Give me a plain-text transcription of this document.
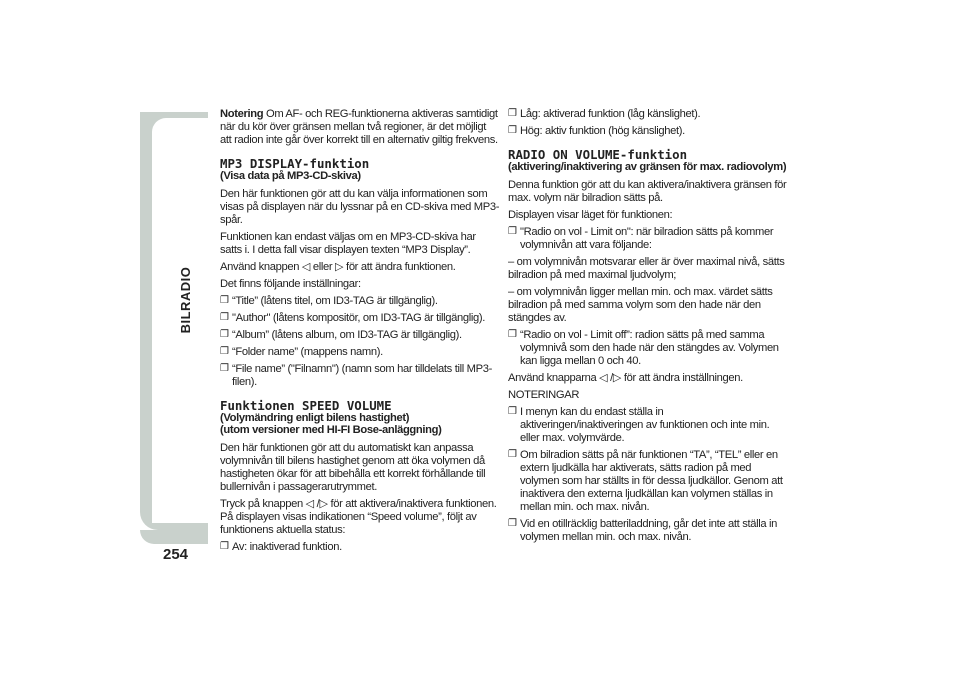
BILRADIO
254

Notering Om AF- och REG-funktionerna aktiveras samtidigt när du kör över gränsen mellan två regioner, är det möjligt att radion inte går över korrekt till en alternativ giltig frekvens.

MP3 DISPLAY-funktion
(Visa data på MP3-CD-skiva)

Den här funktionen gör att du kan välja informationen som visas på displayen när du lyssnar på en CD-skiva med MP3-spår.

Funktionen kan endast väljas om en MP3-CD-skiva har satts i. I detta fall visar displayen texten “MP3 Display”.

Använd knappen ◁ eller ▷ för att ändra funktionen.

Det finns följande inställningar:

❐ “Title” (låtens titel, om ID3-TAG är tillgänglig).
❐ "Author" (låtens kompositör, om ID3-TAG är tillgänglig).
❐ “Album” (låtens album, om ID3-TAG är tillgänglig).
❐ “Folder name” (mappens namn).
❐ “File name” ("Filnamn") (namn som har tilldelats till MP3-filen).
Funktionen SPEED VOLUME
(Volymändring enligt bilens hastighet)
(utom versioner med HI-FI Bose-anläggning)

Den här funktionen gör att du automatiskt kan anpassa volymnivån till bilens hastighet genom att öka volymen då hastigheten ökar för att bibehålla ett korrekt förhållande till bullernivån i passagerarutrymmet.

Tryck på knappen ◁ /▷ för att aktivera/inaktivera funktionen. På displayen visas indikationen “Speed volume”, följt av funktionens aktuella status:

❐ Av: inaktiverad funktion.
❐ Låg: aktiverad funktion (låg känslighet).
❐ Hög: aktiv funktion (hög känslighet).
RADIO ON VOLUME-funktion
(aktivering/inaktivering av gränsen för max. radiovolym)

Denna funktion gör att du kan aktivera/inaktivera gränsen för max. volym när bilradion sätts på.

Displayen visar läget för funktionen:

❐ "Radio on vol - Limit on": när bilradion sätts på kommer volymnivån att vara följande:

– om volymnivån motsvarar eller är över maximal nivå, sätts bilradion på med maximal ljudvolym;

– om volymnivån ligger mellan min. och max. värdet sätts bilradion på med samma volym som den hade när den stängdes av.

❐ “Radio on vol - Limit off”: radion sätts på med samma volymnivå som den hade när den stängdes av. Volymen kan ligga mellan 0 och 40.

Använd knapparna ◁ /▷ för att ändra inställningen.

NOTERINGAR

❐ I menyn kan du endast ställa in aktiveringen/inaktiveringen av funktionen och inte min. eller max. volymvärde.
❐ Om bilradion sätts på när funktionen “TA”, “TEL” eller en extern ljudkälla har aktiverats, sätts radion på med volymen som har ställts in för dessa ljudkällor. Genom att inaktivera den externa ljudkällan kan volymen ställas in mellan min. och max. nivån.
❐ Vid en otillräcklig batteriladdning, går det inte att ställa in volymen mellan min. och max. nivån.
